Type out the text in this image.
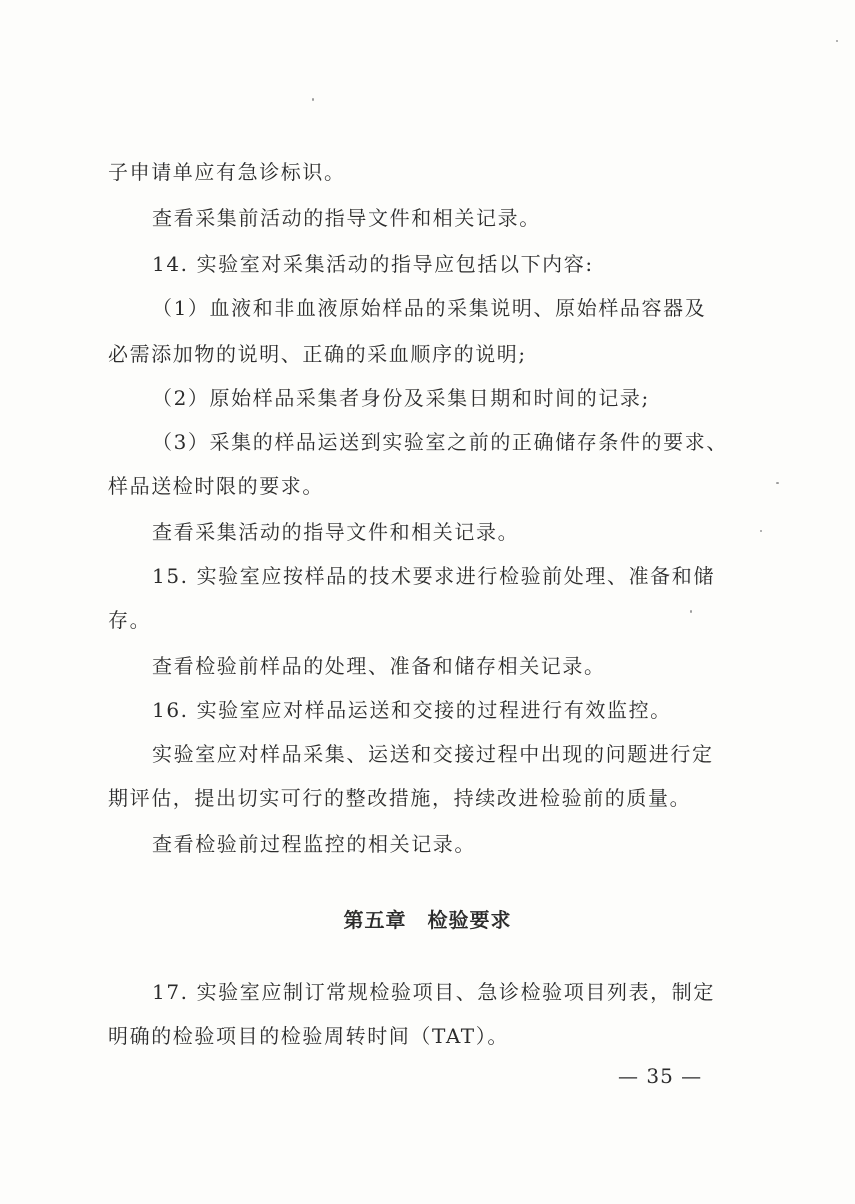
子申请单应有急诊标识。
查看采集前活动的指导文件和相关记录。
14. 实验室对采集活动的指导应包括以下内容:
（1）血液和非血液原始样品的采集说明、原始样品容器及
必需添加物的说明、正确的采血顺序的说明;
（2）原始样品采集者身份及采集日期和时间的记录;
（3）采集的样品运送到实验室之前的正确储存条件的要求、
样品送检时限的要求。
查看采集活动的指导文件和相关记录。
15. 实验室应按样品的技术要求进行检验前处理、准备和储
存。
查看检验前样品的处理、准备和储存相关记录。
16. 实验室应对样品运送和交接的过程进行有效监控。
实验室应对样品采集、运送和交接过程中出现的问题进行定
期评估，提出切实可行的整改措施，持续改进检验前的质量。
查看检验前过程监控的相关记录。
第五章　检验要求
17. 实验室应制订常规检验项目、急诊检验项目列表，制定
明确的检验项目的检验周转时间（TAT）。
— 35 —
